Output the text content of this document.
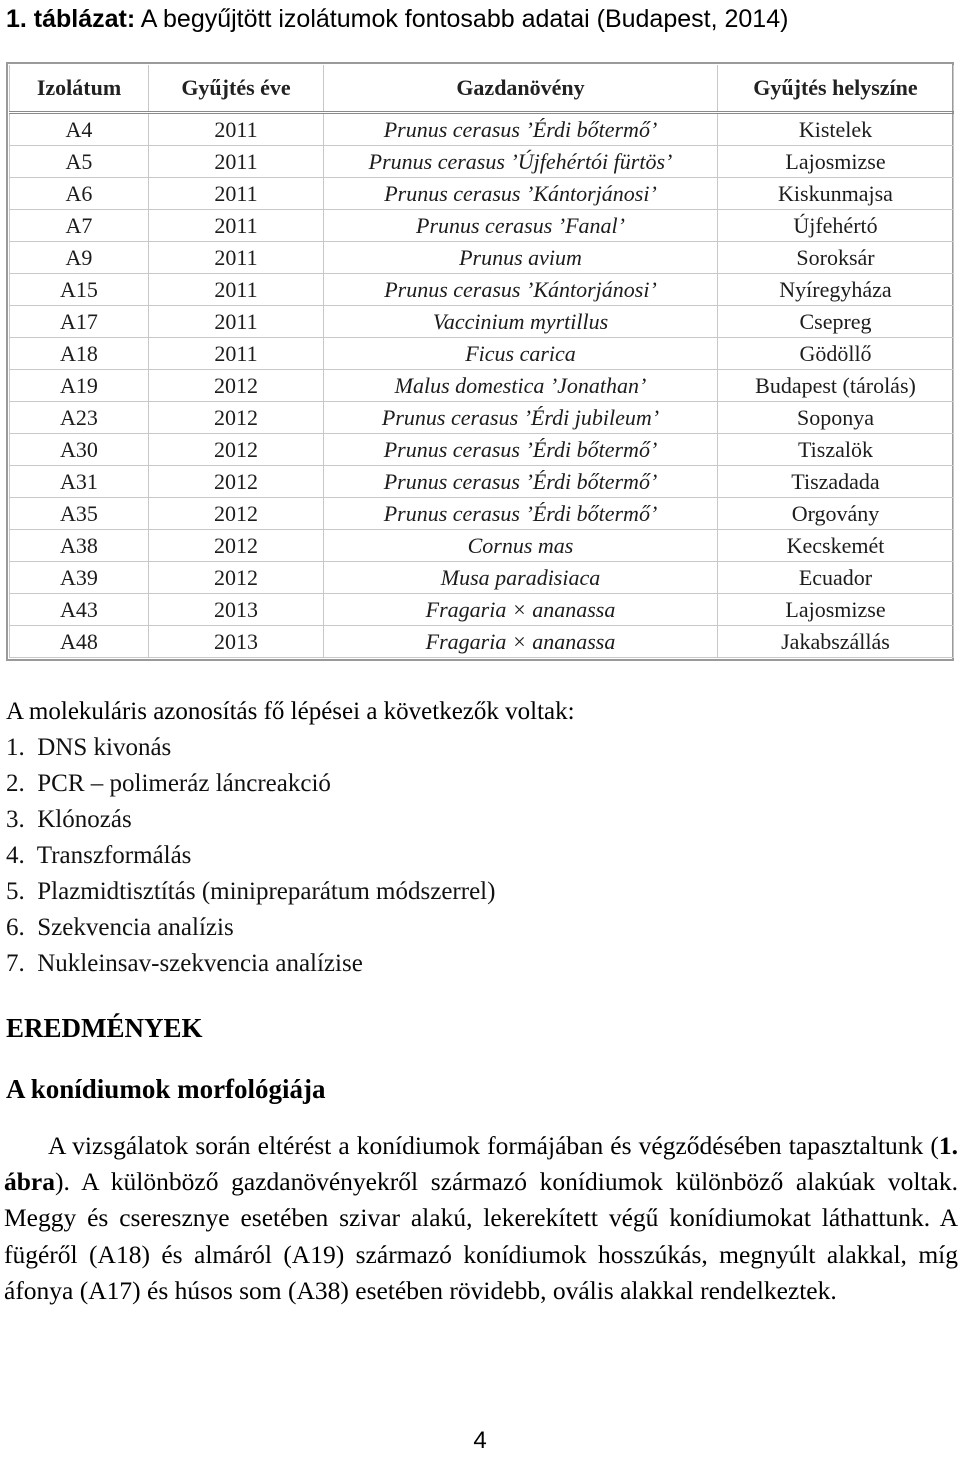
1. táblázat: A begyűjtött izolátumok fontosabb adatai (Budapest, 2014)
Izolátum	Gyűjtés éve	Gazdanövény	Gyűjtés helyszíne
A4	2011	Prunus cerasus ’Érdi bőtermő’	Kistelek
A5	2011	Prunus cerasus ’Újfehértói fürtös’	Lajosmizse
A6	2011	Prunus cerasus ’Kántorjánosi’	Kiskunmajsa
A7	2011	Prunus cerasus ’Fanal’	Újfehértó
A9	2011	Prunus avium	Soroksár
A15	2011	Prunus cerasus ’Kántorjánosi’	Nyíregyháza
A17	2011	Vaccinium myrtillus	Csepreg
A18	2011	Ficus carica	Gödöllő
A19	2012	Malus domestica ’Jonathan’	Budapest (tárolás)
A23	2012	Prunus cerasus ’Érdi jubileum’	Soponya
A30	2012	Prunus cerasus ’Érdi bőtermő’	Tiszalök
A31	2012	Prunus cerasus ’Érdi bőtermő’	Tiszadada
A35	2012	Prunus cerasus ’Érdi bőtermő’	Orgovány
A38	2012	Cornus mas	Kecskemét
A39	2012	Musa paradisiaca	Ecuador
A43	2013	Fragaria × ananassa	Lajosmizse
A48	2013	Fragaria × ananassa	Jakabszállás

A molekuláris azonosítás fő lépései a következők voltak:

1.  DNS kivonás
2.  PCR – polimeráz láncreakció
3.  Klónozás
4.  Transzformálás
5.  Plazmidtisztítás (minipreparátum módszerrel)
6.  Szekvencia analízis
7.  Nukleinsav-szekvencia analízise
EREDMÉNYEK
A konídiumok morfológiája

A vizsgálatok során eltérést a konídiumok formájában és végződésében tapasztaltunk (1. ábra). A különböző gazdanövényekről származó konídiumok különböző alakúak voltak. Meggy és cseresznye esetében szivar alakú, lekerekített végű konídiumokat láthattunk. A fügéről (A18) és almáról (A19) származó konídiumok hosszúkás, megnyúlt alakkal, míg áfonya (A17) és húsos som (A38) esetében rövidebb, ovális alakkal rendelkeztek.

4
